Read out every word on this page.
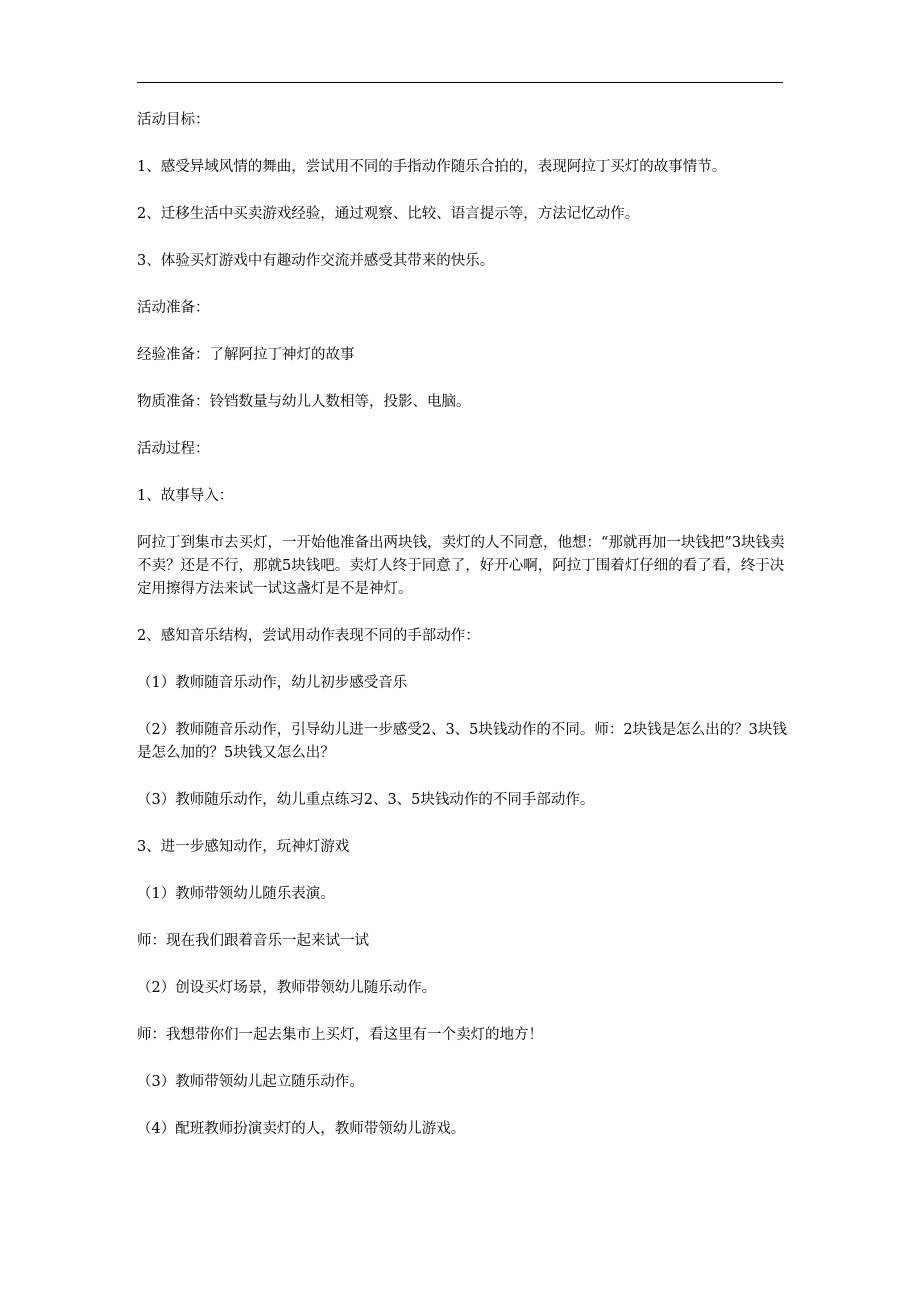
活动目标：

1、感受异域风情的舞曲，尝试用不同的手指动作随乐合拍的，表现阿拉丁买灯的故事情节。

2、迁移生活中买卖游戏经验，通过观察、比较、语言提示等，方法记忆动作。

3、体验买灯游戏中有趣动作交流并感受其带来的快乐。

活动准备：

经验准备：了解阿拉丁神灯的故事

物质准备：铃铛数量与幼儿人数相等，投影、电脑。

活动过程：

1、故事导入：

阿拉丁到集市去买灯，一开始他准备出两块钱，卖灯的人不同意，他想：“那就再加一块钱把”3块钱卖不卖？还是不行，那就5块钱吧。卖灯人终于同意了，好开心啊，阿拉丁围着灯仔细的看了看，终于决定用擦得方法来试一试这盏灯是不是神灯。

2、感知音乐结构，尝试用动作表现不同的手部动作：

（1）教师随音乐动作，幼儿初步感受音乐

（2）教师随音乐动作，引导幼儿进一步感受2、3、5块钱动作的不同。师：2块钱是怎么出的？3块钱是怎么加的？5块钱又怎么出？

（3）教师随乐动作，幼儿重点练习2、3、5块钱动作的不同手部动作。

3、进一步感知动作，玩神灯游戏

（1）教师带领幼儿随乐表演。

师：现在我们跟着音乐一起来试一试

（2）创设买灯场景，教师带领幼儿随乐动作。

师：我想带你们一起去集市上买灯，看这里有一个卖灯的地方！

（3）教师带领幼儿起立随乐动作。

（4）配班教师扮演卖灯的人，教师带领幼儿游戏。
